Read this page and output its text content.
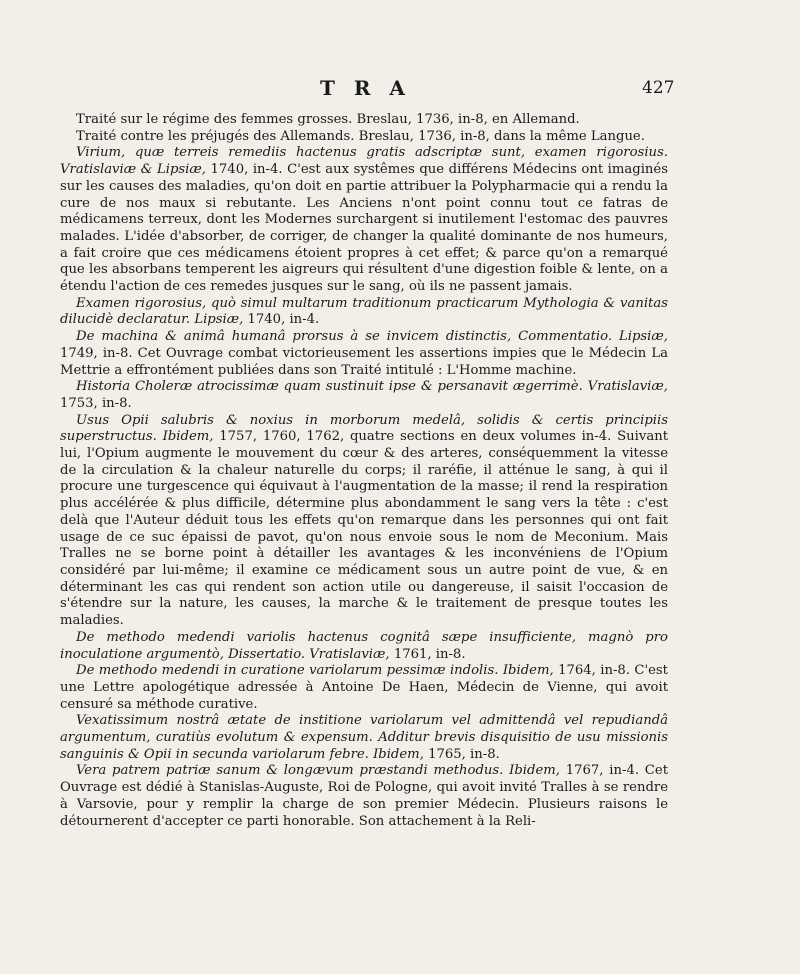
T R A	427

Traité sur le régime des femmes grosses. Breslau, 1736, in-8, en Allemand.

Traité contre les préjugés des Allemands. Breslau, 1736, in-8, dans la même Langue.

Virium, quæ terreis remediis hactenus gratis adscriptæ sunt, examen rigorosius. Vratislaviæ & Lipsiæ, 1740, in-4. C'est aux systêmes que différens Médecins ont imaginés sur les causes des maladies, qu'on doit en partie attribuer la Polypharmacie qui a rendu la cure de nos maux si rebutante. Les Anciens n'ont point connu tout ce fatras de médicamens terreux, dont les Modernes surchargent si inutilement l'estomac des pauvres malades. L'idée d'absorber, de corriger, de changer la qualité dominante de nos humeurs, a fait croire que ces médicamens étoient propres à cet effet; & parce qu'on a remarqué que les absorbans temperent les aigreurs qui résultent d'une digestion foible & lente, on a étendu l'action de ces remedes jusques sur le sang, où ils ne passent jamais.

Examen rigorosius, quò simul multarum traditionum practicarum Mythologia & vanitas dilucidè declaratur. Lipsiæ, 1740, in-4.

De machina & animâ humanâ prorsus à se invicem distinctis, Commentatio. Lipsiæ, 1749, in-8. Cet Ouvrage combat victorieusement les assertions impies que le Médecin La Mettrie a effrontément publiées dans son Traité intitulé : L'Homme machine.

Historia Choleræ atrocissimæ quam sustinuit ipse & persanavit ægerrimè. Vratislaviæ, 1753, in-8.

Usus Opii salubris & noxius in morborum medelâ, solidis & certis principiis superstructus. Ibidem, 1757, 1760, 1762, quatre sections en deux volumes in-4. Suivant lui, l'Opium augmente le mouvement du cœur & des arteres, conséquemment la vitesse de la circulation & la chaleur naturelle du corps; il raréfie, il atténue le sang, à qui il procure une turgescence qui équivaut à l'augmentation de la masse; il rend la respiration plus accélérée & plus difficile, détermine plus abondamment le sang vers la tête : c'est delà que l'Auteur déduit tous les effets qu'on remarque dans les personnes qui ont fait usage de ce suc épaissi de pavot, qu'on nous envoie sous le nom de Meconium. Mais Tralles ne se borne point à détailler les avantages & les inconvéniens de l'Opium considéré par lui-même; il examine ce médicament sous un autre point de vue, & en déterminant les cas qui rendent son action utile ou dangereuse, il saisit l'occasion de s'étendre sur la nature, les causes, la marche & le traitement de presque toutes les maladies.

De methodo medendi variolis hactenus cognitâ sæpe insufficiente, magnò pro inoculatione argumentò, Dissertatio. Vratislaviæ, 1761, in-8.

De methodo medendi in curatione variolarum pessimæ indolis. Ibidem, 1764, in-8. C'est une Lettre apologétique adressée à Antoine De Haen, Médecin de Vienne, qui avoit censuré sa méthode curative.

Vexatissimum nostrâ ætate de institione variolarum vel admittendâ vel repudiandâ argumentum, curatiùs evolutum & expensum. Additur brevis disquisitio de usu missionis sanguinis & Opii in secunda variolarum febre. Ibidem, 1765, in-8.

Vera patrem patriæ sanum & longævum præstandi methodus. Ibidem, 1767, in-4. Cet Ouvrage est dédié à Stanislas-Auguste, Roi de Pologne, qui avoit invité Tralles à se rendre à Varsovie, pour y remplir la charge de son premier Médecin. Plusieurs raisons le détournerent d'accepter ce parti honorable. Son attachement à la Reli-
